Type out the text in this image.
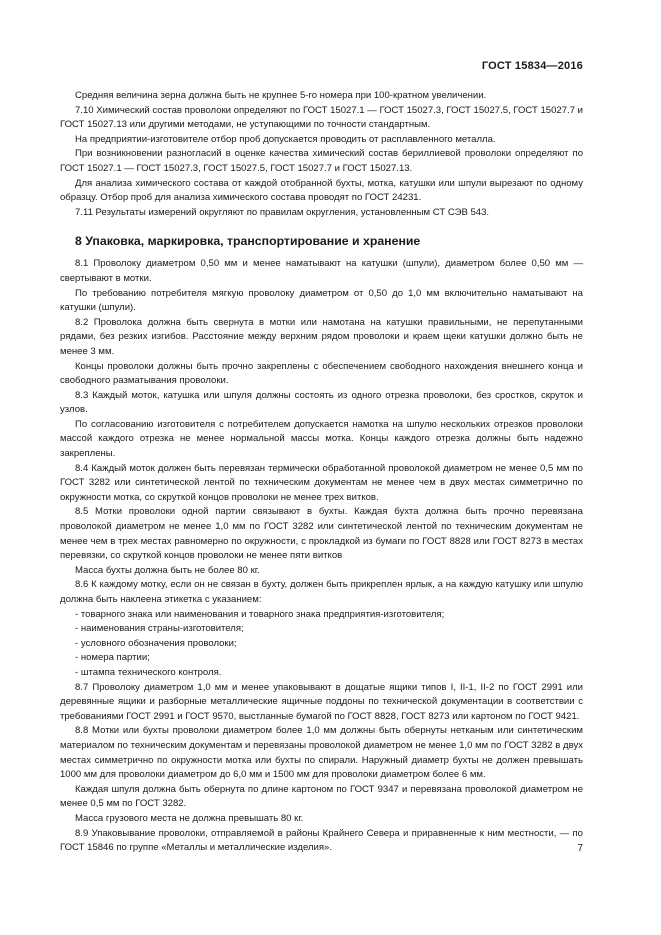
ГОСТ 15834—2016

Средняя величина зерна должна быть не крупнее 5-го номера при 100-кратном увеличении.

7.10 Химический состав проволоки определяют по ГОСТ 15027.1 — ГОСТ 15027.3, ГОСТ 15027.5, ГОСТ 15027.7 и ГОСТ 15027.13 или другими методами, не уступающими по точности стандартным.

На предприятии-изготовителе отбор проб допускается проводить от расплавленного металла.

При возникновении разногласий в оценке качества химический состав бериллиевой проволоки определяют по ГОСТ 15027.1 — ГОСТ 15027.3, ГОСТ 15027.5, ГОСТ 15027.7 и ГОСТ 15027.13.

Для анализа химического состава от каждой отобранной бухты, мотка, катушки или шпули вырезают по одному образцу. Отбор проб для анализа химического состава проводят по ГОСТ 24231.

7.11 Результаты измерений округляют по правилам округления, установленным СТ СЭВ 543.

8 Упаковка, маркировка, транспортирование и хранение

8.1 Проволоку диаметром 0,50 мм и менее наматывают на катушки (шпули), диаметром более 0,50 мм — свертывают в мотки.

По требованию потребителя мягкую проволоку диаметром от 0,50 до 1,0 мм включительно наматывают на катушки (шпули).

8.2 Проволока должна быть свернута в мотки или намотана на катушки правильными, не перепутанными рядами, без резких изгибов. Расстояние между верхним рядом проволоки и краем щеки катушки должно быть не менее 3 мм.

Концы проволоки должны быть прочно закреплены с обеспечением свободного нахождения внешнего конца и свободного разматывания проволоки.

8.3 Каждый моток, катушка или шпуля должны состоять из одного отрезка проволоки, без сростков, скруток и узлов.

По согласованию изготовителя с потребителем допускается намотка на шпулю нескольких отрезков проволоки массой каждого отрезка не менее нормальной массы мотка. Концы каждого отрезка должны быть надежно закреплены.

8.4 Каждый моток должен быть перевязан термически обработанной проволокой диаметром не менее 0,5 мм по ГОСТ 3282 или синтетической лентой по техническим документам не менее чем в двух местах симметрично по окружности мотка, со скруткой концов проволоки не менее трех витков.

8.5 Мотки проволоки одной партии связывают в бухты. Каждая бухта должна быть прочно перевязана проволокой диаметром не менее 1,0 мм по ГОСТ 3282 или синтетической лентой по техническим документам не менее чем в трех местах равномерно по окружности, с прокладкой из бумаги по ГОСТ 8828 или ГОСТ 8273 в местах перевязки, со скруткой концов проволоки не менее пяти витков

Масса бухты должна быть не более 80 кг.

8.6 К каждому мотку, если он не связан в бухту, должен быть прикреплен ярлык, а на каждую катушку или шпулю должна быть наклеена этикетка с указанием:

- товарного знака или наименования и товарного знака предприятия-изготовителя;

- наименования страны-изготовителя;

- условного обозначения проволоки;

- номера партии;

- штампа технического контроля.

8.7 Проволоку диаметром 1,0 мм и менее упаковывают в дощатые ящики типов I, II-1, II-2 по ГОСТ 2991 или деревянные ящики и разборные металлические ящичные поддоны по технической документации в соответствии с требованиями ГОСТ 2991 и ГОСТ 9570, выстланные бумагой по ГОСТ 8828, ГОСТ 8273 или картоном по ГОСТ 9421.

8.8 Мотки или бухты проволоки диаметром более 1,0 мм должны быть обернуты нетканым или синтетическим материалом по техническим документам и перевязаны проволокой диаметром не менее 1,0 мм по ГОСТ 3282 в двух местах симметрично по окружности мотка или бухты по спирали. Наружный диаметр бухты не должен превышать 1000 мм для проволоки диаметром до 6,0 мм и 1500 мм для проволоки диаметром более 6 мм.

Каждая шпуля должна быть обернута по длине картоном по ГОСТ 9347 и перевязана проволокой диаметром не менее 0,5 мм по ГОСТ 3282.

Масса грузового места не должна превышать 80 кг.

8.9 Упаковывание проволоки, отправляемой в районы Крайнего Севера и приравненные к ним местности, — по ГОСТ 15846 по группе «Металлы и металлические изделия».	7
